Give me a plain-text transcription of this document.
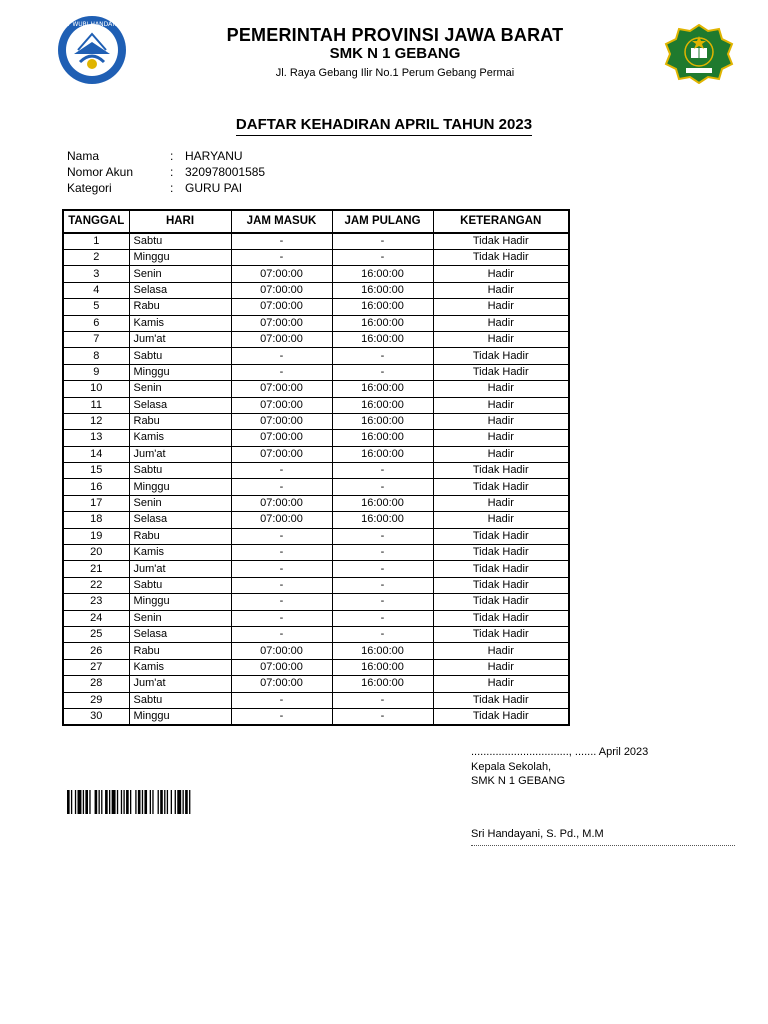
TUT WURI HANDAYANI
PEMERINTAH PROVINSI JAWA BARAT
SMK N 1 GEBANG
Jl. Raya Gebang Ilir No.1 Perum Gebang Permai
DAFTAR KEHADIRAN APRIL TAHUN 2023
Nama	: HARYANU
Nomor Akun	: 320978001585
Kategori	: GURU PAI
TANGGAL	HARI	JAM MASUK	JAM PULANG	KETERANGAN
1	Sabtu	-	-	Tidak Hadir
2	Minggu	-	-	Tidak Hadir
3	Senin	07:00:00	16:00:00	Hadir
4	Selasa	07:00:00	16:00:00	Hadir
5	Rabu	07:00:00	16:00:00	Hadir
6	Kamis	07:00:00	16:00:00	Hadir
7	Jum'at	07:00:00	16:00:00	Hadir
8	Sabtu	-	-	Tidak Hadir
9	Minggu	-	-	Tidak Hadir
10	Senin	07:00:00	16:00:00	Hadir
11	Selasa	07:00:00	16:00:00	Hadir
12	Rabu	07:00:00	16:00:00	Hadir
13	Kamis	07:00:00	16:00:00	Hadir
14	Jum'at	07:00:00	16:00:00	Hadir
15	Sabtu	-	-	Tidak Hadir
16	Minggu	-	-	Tidak Hadir
17	Senin	07:00:00	16:00:00	Hadir
18	Selasa	07:00:00	16:00:00	Hadir
19	Rabu	-	-	Tidak Hadir
20	Kamis	-	-	Tidak Hadir
21	Jum'at	-	-	Tidak Hadir
22	Sabtu	-	-	Tidak Hadir
23	Minggu	-	-	Tidak Hadir
24	Senin	-	-	Tidak Hadir
25	Selasa	-	-	Tidak Hadir
26	Rabu	07:00:00	16:00:00	Hadir
27	Kamis	07:00:00	16:00:00	Hadir
28	Jum'at	07:00:00	16:00:00	Hadir
29	Sabtu	-	-	Tidak Hadir
30	Minggu	-	-	Tidak Hadir
................................, ....... April 2023
Kepala Sekolah,
SMK N 1 GEBANG
Sri Handayani, S. Pd., M.M
